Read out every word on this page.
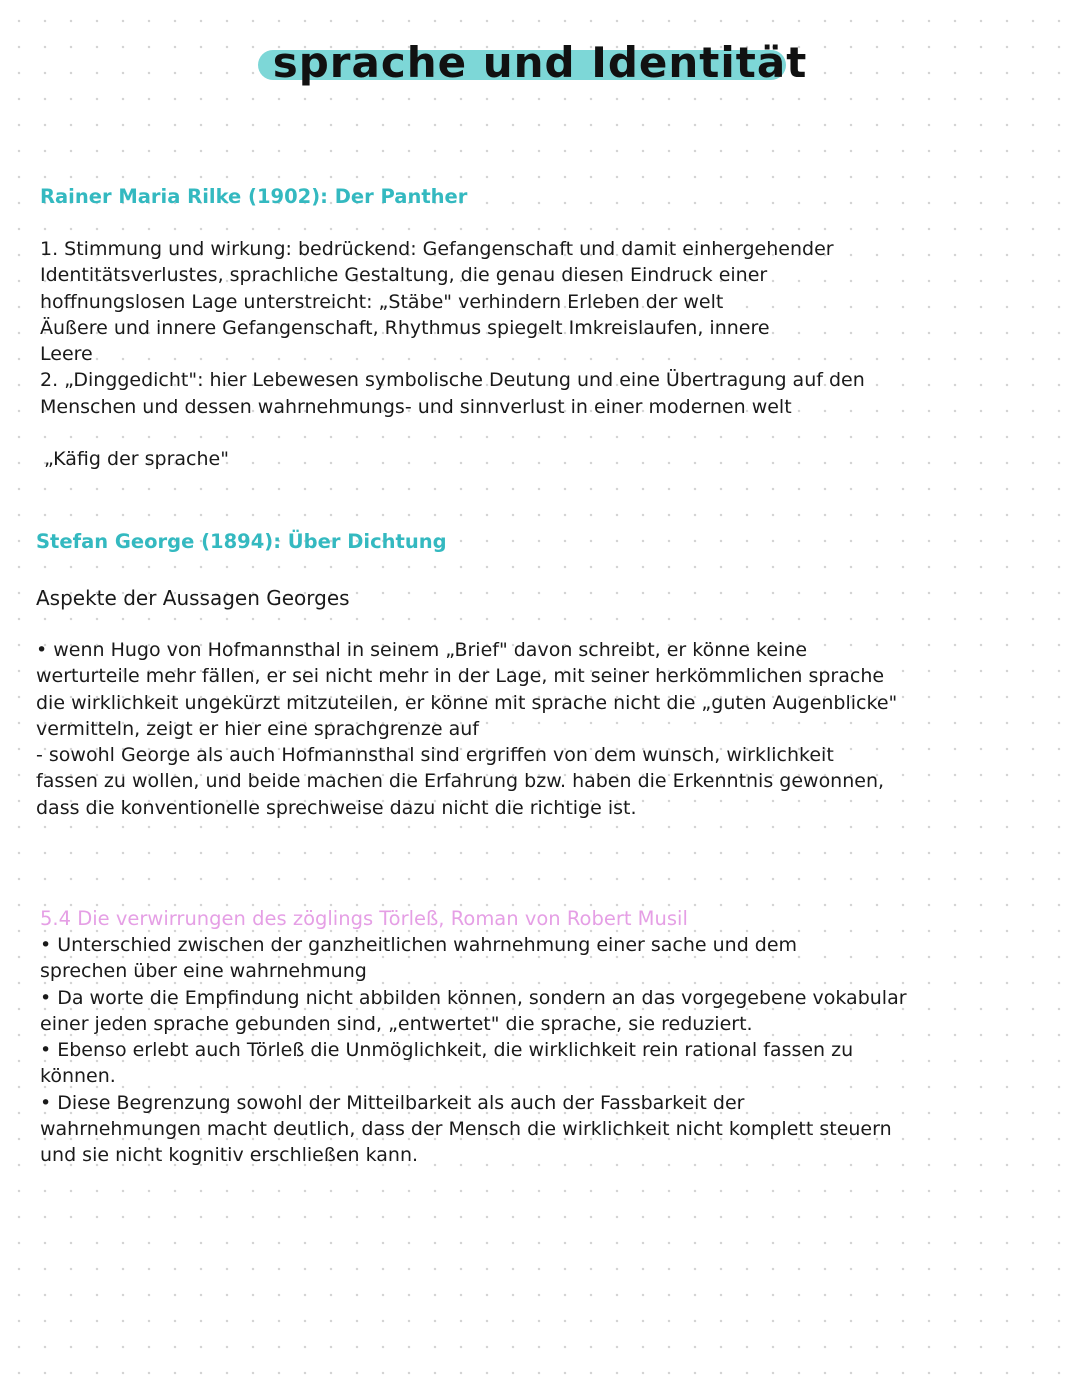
sprache und Identität

Rainer Maria Rilke (1902): Der Panther

1. Stimmung und wirkung: bedrückend: Gefangenschaft und damit einhergehender

Identitätsverlustes, sprachliche Gestaltung, die genau diesen Eindruck einer

hoffnungslosen Lage unterstreicht: „Stäbe" verhindern Erleben der welt

Äußere und innere Gefangenschaft, Rhythmus spiegelt Imkreislaufen, innere

Leere

2. „Dinggedicht": hier Lebewesen symbolische Deutung und eine Übertragung auf den

Menschen und dessen wahrnehmungs- und sinnverlust in einer modernen welt

„Käfig der sprache"

Stefan George (1894): Über Dichtung

Aspekte der Aussagen Georges

• wenn Hugo von Hofmannsthal in seinem „Brief" davon schreibt, er könne keine

werturteile mehr fällen, er sei nicht mehr in der Lage, mit seiner herkömmlichen sprache

die wirklichkeit ungekürzt mitzuteilen, er könne mit sprache nicht die „guten Augenblicke"

vermitteln, zeigt er hier eine sprachgrenze auf

- sowohl George als auch Hofmannsthal sind ergriffen von dem wunsch, wirklichkeit

fassen zu wollen, und beide machen die Erfahrung bzw. haben die Erkenntnis gewonnen,

dass die konventionelle sprechweise dazu nicht die richtige ist.

5.4 Die verwirrungen des zöglings Törleß, Roman von Robert Musil

• Unterschied zwischen der ganzheitlichen wahrnehmung einer sache und dem

sprechen über eine wahrnehmung

• Da worte die Empfindung nicht abbilden können, sondern an das vorgegebene vokabular

einer jeden sprache gebunden sind, „entwertet" die sprache, sie reduziert.

• Ebenso erlebt auch Törleß die Unmöglichkeit, die wirklichkeit rein rational fassen zu

können.

• Diese Begrenzung sowohl der Mitteilbarkeit als auch der Fassbarkeit der

wahrnehmungen macht deutlich, dass der Mensch die wirklichkeit nicht komplett steuern

und sie nicht kognitiv erschließen kann.
